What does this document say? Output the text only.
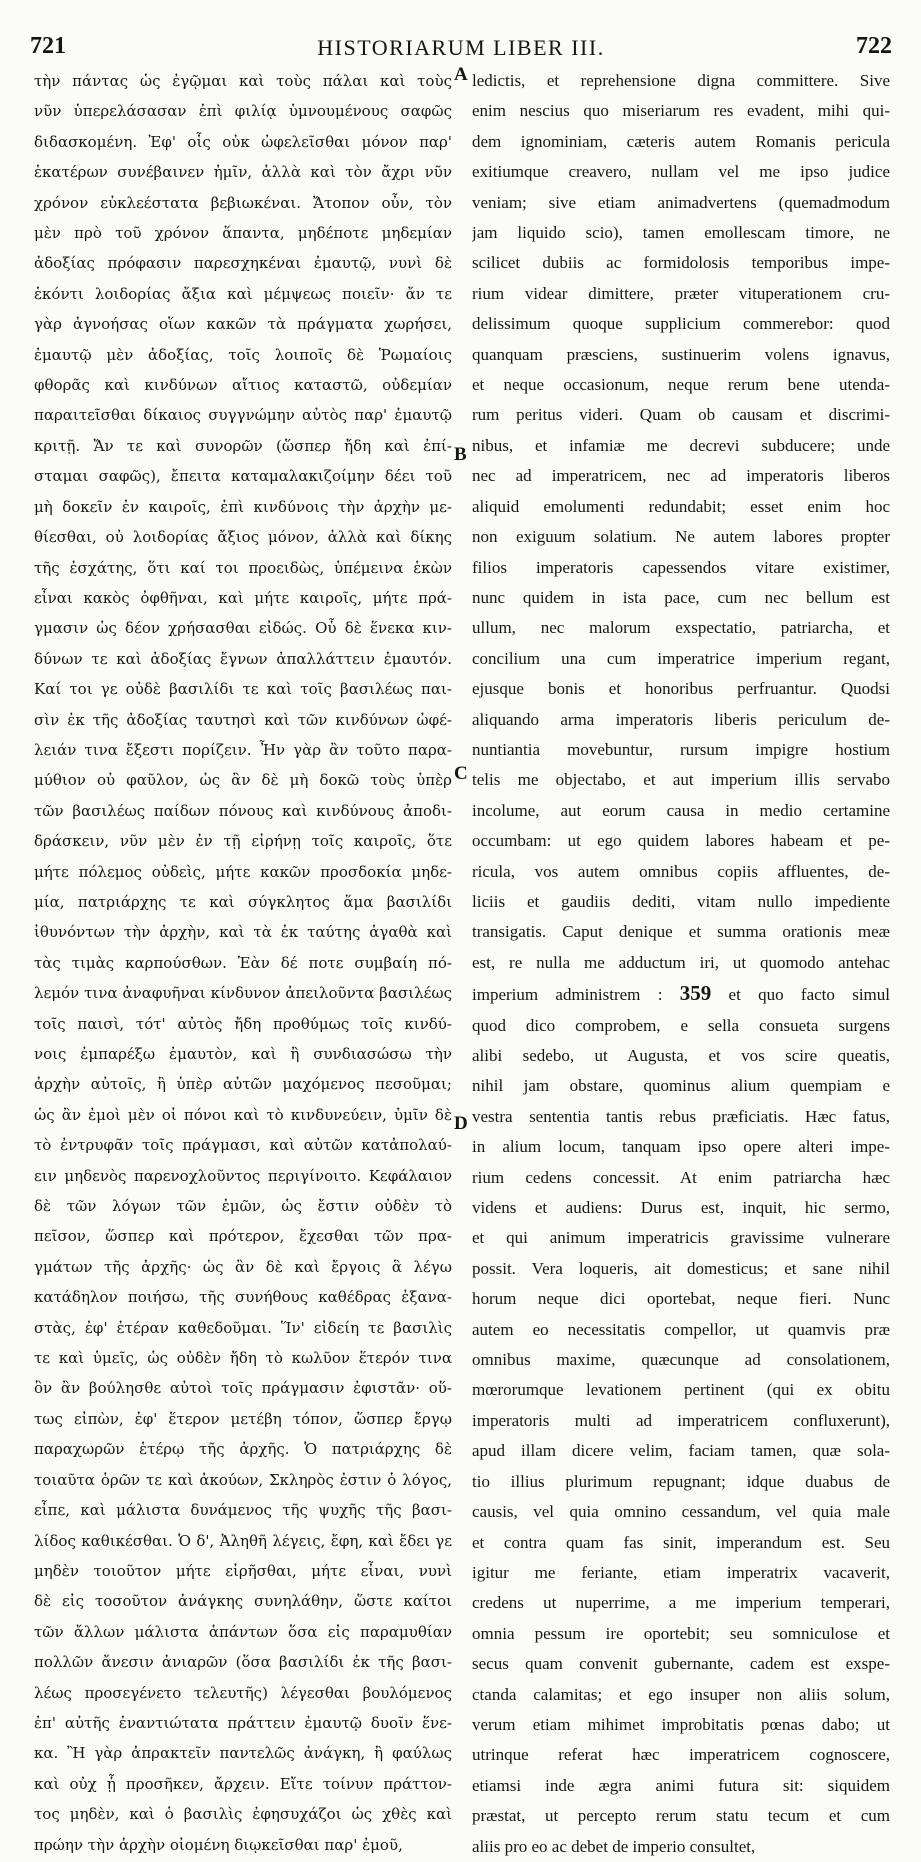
721	HISTORIARUM LIBER III.	722

τὴν πάντας ὡς ἐγῷμαι καὶ τοὺς πάλαι καὶ τοὺς

νῦν ὑπερελάσασαν ἐπὶ φιλίᾳ ὑμνουμένους σαφῶς

διδασκομένη. Ἐφ' οἷς οὐκ ὠφελεῖσθαι μόνον παρ'

ἑκατέρων συνέβαινεν ἡμῖν, ἀλλὰ καὶ τὸν ἄχρι νῦν

χρόνον εὐκλεέστατα βεβιωκέναι. Ἄτοπον οὖν, τὸν

μὲν πρὸ τοῦ χρόνον ἅπαντα, μηδέποτε μηδεμίαν

ἀδοξίας πρόφασιν παρεσχηκέναι ἐμαυτῷ, νυνὶ δὲ

ἑκόντι λοιδορίας ἄξια καὶ μέμψεως ποιεῖν· ἄν τε

γὰρ ἀγνοήσας οἵων κακῶν τὰ πράγματα χωρήσει,

ἐμαυτῷ μὲν ἀδοξίας, τοῖς λοιποῖς δὲ Ῥωμαίοις

φθορᾶς καὶ κινδύνων αἴτιος καταστῶ, οὐδεμίαν

παραιτεῖσθαι δίκαιος συγγνώμην αὐτὸς παρ' ἐμαυτῷ

κριτῇ. Ἄν τε καὶ συνορῶν (ὥσπερ ἤδη καὶ ἐπί-

σταμαι σαφῶς), ἔπειτα καταμαλακιζοίμην δέει τοῦ

μὴ δοκεῖν ἐν καιροῖς, ἐπὶ κινδύνοις τὴν ἀρχὴν με-

θίεσθαι, οὐ λοιδορίας ἄξιος μόνον, ἀλλὰ καὶ δίκης

τῆς ἐσχάτης, ὅτι καί τοι προειδὼς, ὑπέμεινα ἑκὼν

εἶναι κακὸς ὀφθῆναι, καὶ μήτε καιροῖς, μήτε πρά-

γμασιν ὡς δέον χρήσασθαι εἰδώς. Οὗ δὲ ἕνεκα κιν-

δύνων τε καὶ ἀδοξίας ἔγνων ἀπαλλάττειν ἐμαυτόν.

Καί τοι γε οὐδὲ βασιλίδι τε καὶ τοῖς βασιλέως παι-

σὶν ἐκ τῆς ἀδοξίας ταυτησὶ καὶ τῶν κινδύνων ὠφέ-

λειάν τινα ἔξεστι πορίζειν. Ἦν γὰρ ἂν τοῦτο παρα-

μύθιον οὐ φαῦλον, ὡς ἂν δὲ μὴ δοκῶ τοὺς ὑπὲρ

τῶν βασιλέως παίδων πόνους καὶ κινδύνους ἀποδι-

δράσκειν, νῦν μὲν ἐν τῇ εἰρήνῃ τοῖς καιροῖς, ὅτε

μήτε πόλεμος οὐδεὶς, μήτε κακῶν προσδοκία μηδε-

μία, πατριάρχης τε καὶ σύγκλητος ἅμα βασιλίδι

ἰθυνόντων τὴν ἀρχὴν, καὶ τὰ ἐκ ταύτης ἀγαθὰ καὶ

τὰς τιμὰς καρπούσθων. Ἐὰν δέ ποτε συμβαίη πό-

λεμόν τινα ἀναφυῆναι κίνδυνον ἀπειλοῦντα βασιλέως

τοῖς παισὶ, τότ' αὐτὸς ἤδη προθύμως τοῖς κινδύ-

νοις ἐμπαρέξω ἐμαυτὸν, καὶ ἢ συνδιασώσω τὴν

ἀρχὴν αὐτοῖς, ἢ ὑπὲρ αὐτῶν μαχόμενος πεσοῦμαι;

ὡς ἂν ἐμοὶ μὲν οἱ πόνοι καὶ τὸ κινδυνεύειν, ὑμῖν δὲ

τὸ ἐντρυφᾶν τοῖς πράγμασι, καὶ αὐτῶν κατἀπολαύ-

ειν μηδενὸς παρενοχλοῦντος περιγίνοιτο. Κεφάλαιον

δὲ τῶν λόγων τῶν ἐμῶν, ὡς ἔστιν οὐδὲν τὸ

πεῖσον, ὥσπερ καὶ πρότερον, ἔχεσθαι τῶν πρα-

γμάτων τῆς ἀρχῆς· ὡς ἂν δὲ καὶ ἔργοις ἃ λέγω

κατάδηλον ποιήσω, τῆς συνήθους καθέδρας ἐξανα-

στὰς, ἐφ' ἑτέραν καθεδοῦμαι. Ἵν' εἰδείη τε βασιλὶς

τε καὶ ὑμεῖς, ὡς οὐδὲν ἤδη τὸ κωλῦον ἕτερόν τινα

ὃν ἂν βούλησθε αὐτοὶ τοῖς πράγμασιν ἐφιστᾶν· οὕ-

τως εἰπὼν, ἐφ' ἕτερον μετέβη τόπον, ὥσπερ ἔργῳ

παραχωρῶν ἑτέρῳ τῆς ἀρχῆς. Ὁ πατριάρχης δὲ

τοιαῦτα ὁρῶν τε καὶ ἀκούων, Σκληρὸς ἐστιν ὁ λόγος,

εἶπε, καὶ μάλιστα δυνάμενος τῆς ψυχῆς τῆς βασι-

λίδος καθικέσθαι. Ὁ δ', Ἀληθῆ λέγεις, ἔφη, καὶ ἔδει γε

μηδὲν τοιοῦτον μήτε εἰρῆσθαι, μήτε εἶναι, νυνὶ

δὲ εἰς τοσοῦτον ἀνάγκης συνηλάθην, ὥστε καίτοι

τῶν ἄλλων μάλιστα ἁπάντων ὅσα εἰς παραμυθίαν

πολλῶν ἄνεσιν ἀνιαρῶν (ὅσα βασιλίδι ἐκ τῆς βασι-

λέως προσεγένετο τελευτῆς) λέγεσθαι βουλόμενος

ἐπ' αὐτῆς ἐναντιώτατα πράττειν ἐμαυτῷ δυοῖν ἕνε-

κα. Ἢ γὰρ ἀπρακτεῖν παντελῶς ἀνάγκη, ἢ φαύλως

καὶ οὐχ ᾗ προσῆκεν, ἄρχειν. Εἴτε τοίνυν πράττον-

τος μηδὲν, καὶ ὁ βασιλὶς ἐφησυχάζοι ὡς χθὲς καὶ

πρώην τὴν ἀρχὴν οἰομένη διῳκεῖσθαι παρ' ἐμοῦ,

ledictis, et reprehensione digna committere. Sive

enim nescius quo miseriarum res evadent, mihi qui-

dem ignominiam, cæteris autem Romanis pericula

exitiumque creavero, nullam vel me ipso judice

veniam; sive etiam animadvertens (quemadmodum

jam liquido scio), tamen emollescam timore, ne

scilicet dubiis ac formidolosis temporibus impe-

rium videar dimittere, præter vituperationem cru-

delissimum quoque supplicium commerebor: quod

quanquam præsciens, sustinuerim volens ignavus,

et neque occasionum, neque rerum bene utenda-

rum peritus videri. Quam ob causam et discrimi-

nibus, et infamiæ me decrevi subducere; unde

nec ad imperatricem, nec ad imperatoris liberos

aliquid emolumenti redundabit; esset enim hoc

non exiguum solatium. Ne autem labores propter

filios imperatoris capessendos vitare existimer,

nunc quidem in ista pace, cum nec bellum est

ullum, nec malorum exspectatio, patriarcha, et

concilium una cum imperatrice imperium regant,

ejusque bonis et honoribus perfruantur. Quodsi

aliquando arma imperatoris liberis periculum de-

nuntiantia movebuntur, rursum impigre hostium

telis me objectabo, et aut imperium illis servabo

incolume, aut eorum causa in medio certamine

occumbam: ut ego quidem labores habeam et pe-

ricula, vos autem omnibus copiis affluentes, de-

liciis et gaudiis dediti, vitam nullo impediente

transigatis. Caput denique et summa orationis meæ

est, re nulla me adductum iri, ut quomodo antehac

imperium administrem : 359 et quo facto simul

quod dico comprobem, e sella consueta surgens

alibi sedebo, ut Augusta, et vos scire queatis,

nihil jam obstare, quominus alium quempiam e

vestra sententia tantis rebus præficiatis. Hæc fatus,

in alium locum, tanquam ipso opere alteri impe-

rium cedens concessit. At enim patriarcha hæc

videns et audiens: Durus est, inquit, hic sermo,

et qui animum imperatricis gravissime vulnerare

possit. Vera loqueris, ait domesticus; et sane nihil

horum neque dici oportebat, neque fieri. Nunc

autem eo necessitatis compellor, ut quamvis præ

omnibus maxime, quæcunque ad consolationem,

mœrorumque levationem pertinent (qui ex obitu

imperatoris multi ad imperatricem confluxerunt),

apud illam dicere velim, faciam tamen, quæ sola-

tio illius plurimum repugnant; idque duabus de

causis, vel quia omnino cessandum, vel quia male

et contra quam fas sinit, imperandum est. Seu

igitur me feriante, etiam imperatrix vacaverit,

credens ut nuperrime, a me imperium temperari,

omnia pessum ire oportebit; seu somniculose et

secus quam convenit gubernante, cadem est exspe-

ctanda calamitas; et ego insuper non aliis solum,

verum etiam mihimet improbitatis pœnas dabo; ut

utrinque referat hæc imperatricem cognoscere,

etiamsi inde ægra animi futura sit: siquidem

præstat, ut percepto rerum statu tecum et cum

aliis pro eo ac debet de imperio consultet,

A
B
C
D
